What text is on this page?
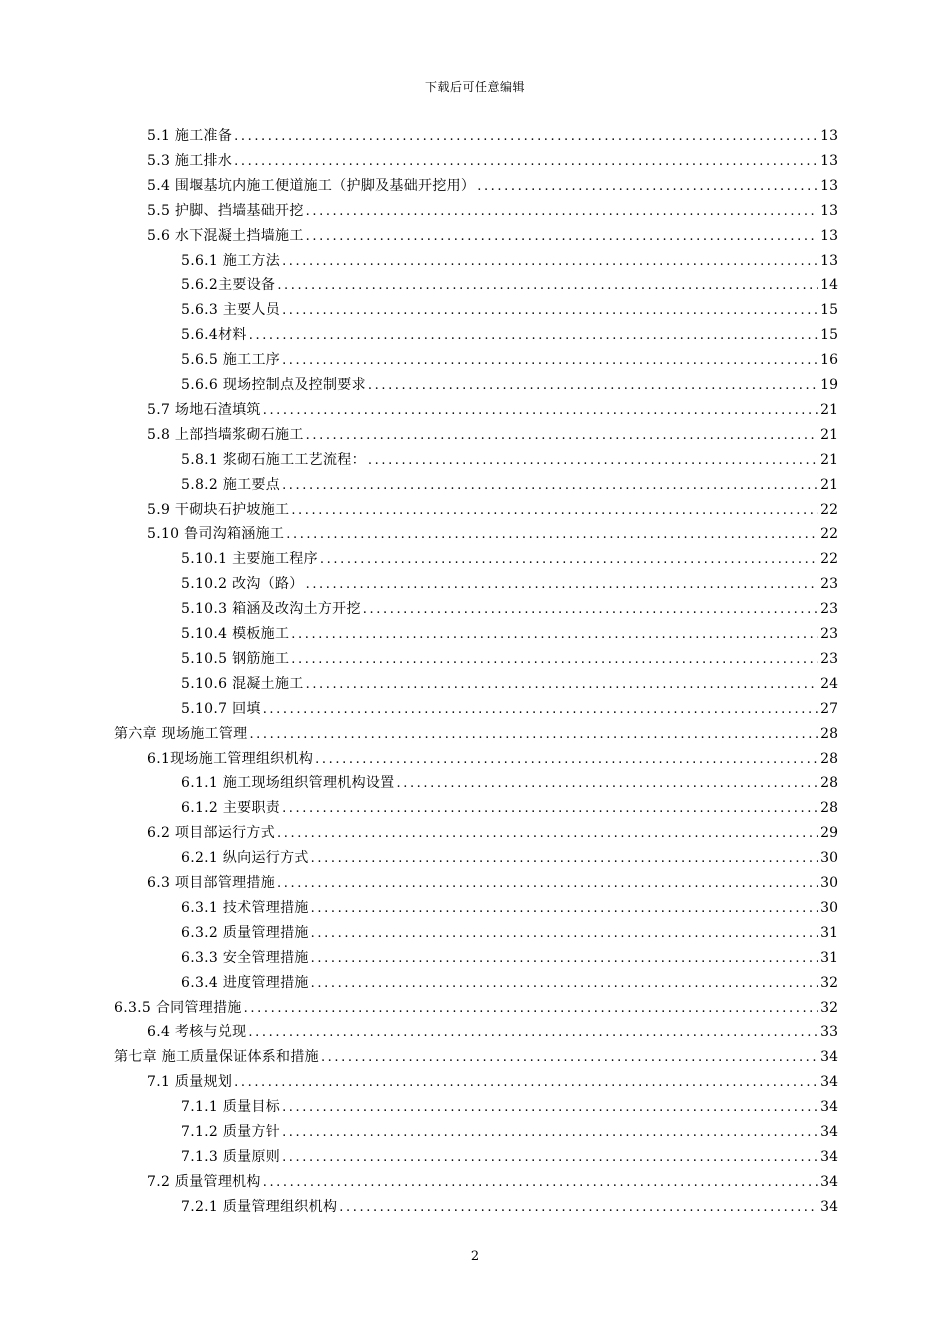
下载后可任意编辑
5.1 施工准备 .....	13
5.3 施工排水 .....	13
5.4 围堰基坑内施工便道施工（护脚及基础开挖用） .....	13
5.5 护脚、挡墙基础开挖 .....	13
5.6 水下混凝土挡墙施工 .....	13
5.6.1 施工方法 .....	13
5.6.2主要设备 .....	14
5.6.3 主要人员 .....	15
5.6.4材料 .....	15
5.6.5 施工工序 .....	16
5.6.6 现场控制点及控制要求 .....	19
5.7 场地石渣填筑 .....	21
5.8 上部挡墙浆砌石施工 .....	21
5.8.1 浆砌石施工工艺流程： .....	21
5.8.2 施工要点 .....	21
5.9 干砌块石护坡施工 .....	22
5.10 鲁司沟箱涵施工 .....	22
5.10.1 主要施工程序 .....	22
5.10.2 改沟（路） .....	23
5.10.3 箱涵及改沟土方开挖 .....	23
5.10.4 模板施工 .....	23
5.10.5 钢筋施工 .....	23
5.10.6 混凝土施工 .....	24
5.10.7 回填 .....	27
第六章 现场施工管理 .....	28
6.1现场施工管理组织机构 .....	28
6.1.1 施工现场组织管理机构设置 .....	28
6.1.2 主要职责 .....	28
6.2 项目部运行方式 .....	29
6.2.1 纵向运行方式 .....	30
6.3 项目部管理措施 .....	30
6.3.1 技术管理措施 .....	30
6.3.2 质量管理措施 .....	31
6.3.3 安全管理措施 .....	31
6.3.4 进度管理措施 .....	32
6.3.5 合同管理措施 .....	32
6.4 考核与兑现 .....	33
第七章 施工质量保证体系和措施 .....	34
7.1 质量规划 .....	34
7.1.1 质量目标 .....	34
7.1.2 质量方针 .....	34
7.1.3 质量原则 .....	34
7.2 质量管理机构 .....	34
7.2.1 质量管理组织机构 .....	34
2
